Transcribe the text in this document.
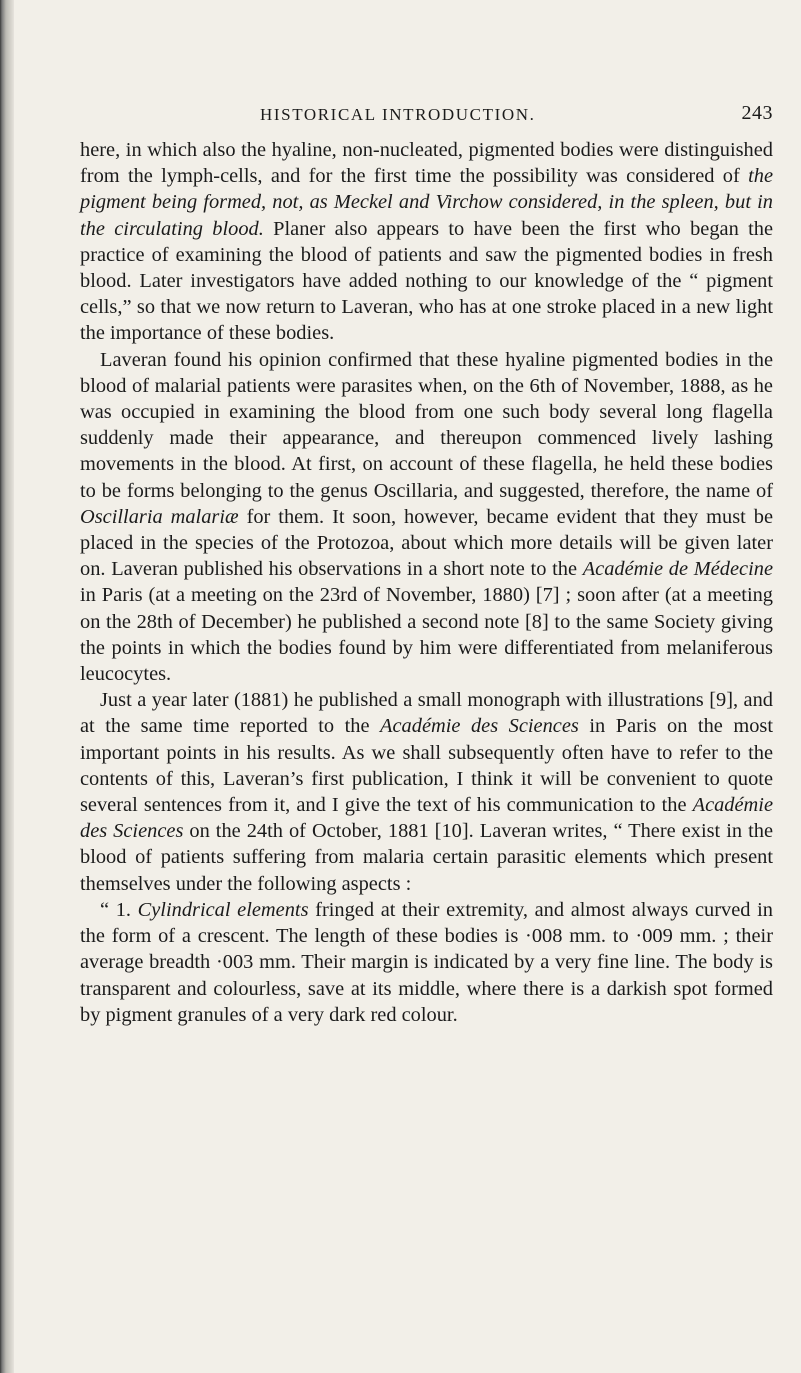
HISTORICAL INTRODUCTION.	243

here, in which also the hyaline, non-nucleated, pigmented bodies were distinguished from the lymph-cells, and for the first time the possibility was considered of the pigment being formed, not, as Meckel and Virchow considered, in the spleen, but in the circulating blood. Planer also appears to have been the first who began the practice of examining the blood of patients and saw the pigmented bodies in fresh blood. Later investigators have added nothing to our knowledge of the “ pigment cells,” so that we now return to Laveran, who has at one stroke placed in a new light the importance of these bodies.

Laveran found his opinion confirmed that these hyaline pigmented bodies in the blood of malarial patients were parasites when, on the 6th of November, 1888, as he was occupied in examining the blood from one such body several long flagella suddenly made their appearance, and thereupon commenced lively lashing movements in the blood. At first, on account of these flagella, he held these bodies to be forms belonging to the genus Oscillaria, and suggested, therefore, the name of Oscillaria malariæ for them. It soon, however, became evident that they must be placed in the species of the Protozoa, about which more details will be given later on. Laveran published his observations in a short note to the Académie de Médecine in Paris (at a meeting on the 23rd of November, 1880) [7] ; soon after (at a meeting on the 28th of December) he published a second note [8] to the same Society giving the points in which the bodies found by him were differentiated from melaniferous leucocytes.

Just a year later (1881) he published a small monograph with illustrations [9], and at the same time reported to the Académie des Sciences in Paris on the most important points in his results. As we shall subsequently often have to refer to the contents of this, Laveran’s first publication, I think it will be convenient to quote several sentences from it, and I give the text of his communication to the Académie des Sciences on the 24th of October, 1881 [10]. Laveran writes, “ There exist in the blood of patients suffering from malaria certain parasitic elements which present themselves under the following aspects :

“ 1. Cylindrical elements fringed at their extremity, and almost always curved in the form of a crescent. The length of these bodies is ·008 mm. to ·009 mm. ; their average breadth ·003 mm. Their margin is indicated by a very fine line. The body is transparent and colourless, save at its middle, where there is a darkish spot formed by pigment granules of a very dark red colour.
